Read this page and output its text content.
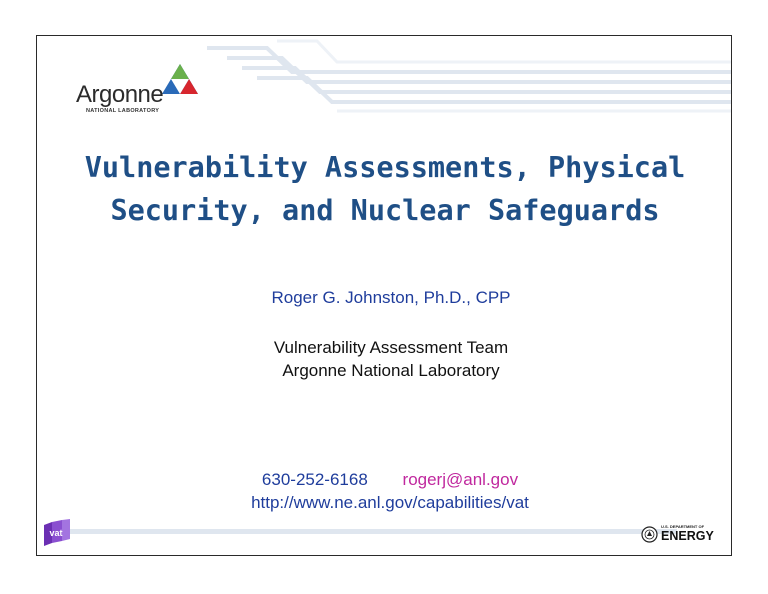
Argonne
NATIONAL LABORATORY
Vulnerability Assessments, Physical
Security, and Nuclear Safeguards
Roger G. Johnston, Ph.D., CPP
Vulnerability Assessment Team
Argonne National Laboratory
630-252-6168 rogerj@anl.gov
http://www.ne.anl.gov/capabilities/vat
vat
U.S. DEPARTMENT OF
ENERGY
